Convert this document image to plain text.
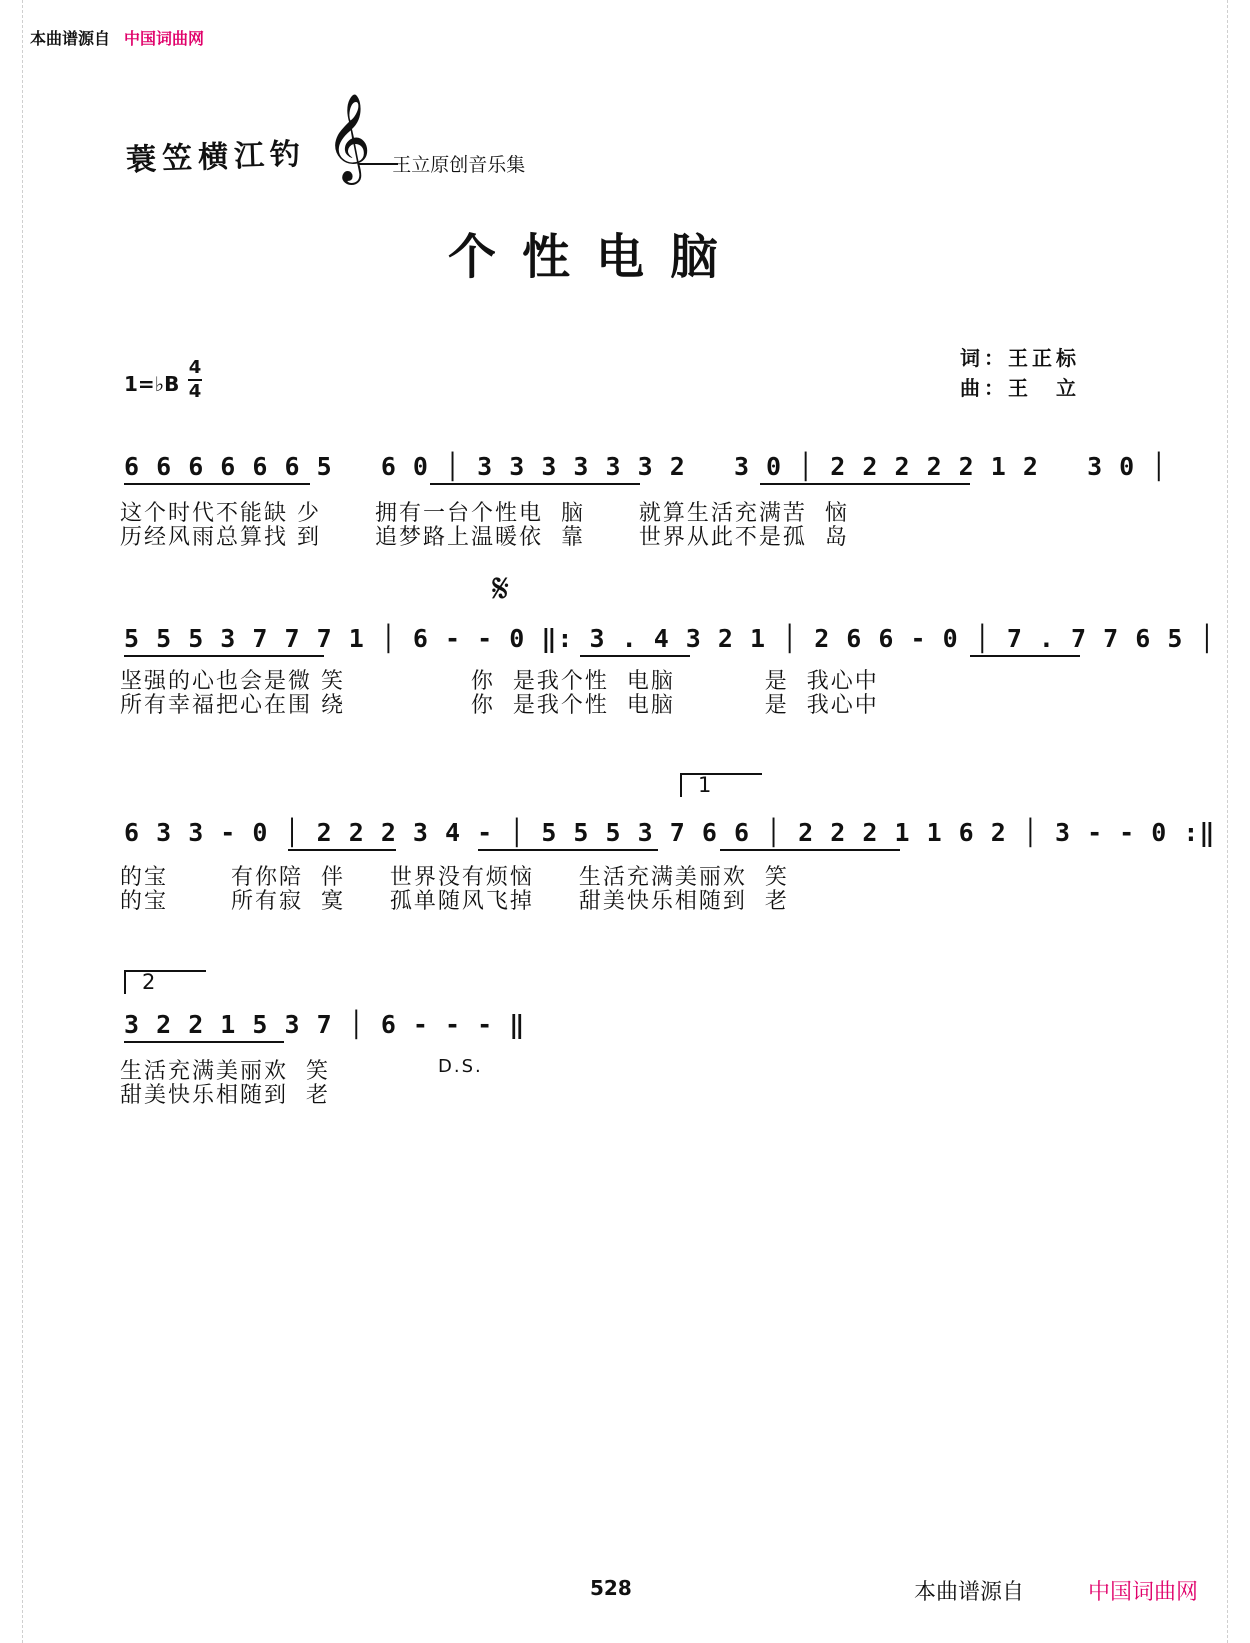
本曲谱源自 中国词曲网
蓑笠横江钓 𝄞	王立原创音乐集
个性电脑
1=♭B
4
4
词：王正标
曲：王　立
6 6 6 6 6 6 5   6 0 │ 3 3 3 3 3 3 2   3 0 │ 2 2 2 2 2 1 2   3 0 │
这个时代不能缺 少      拥有一台个性电  脑      就算生活充满苦  恼
历经风雨总算找 到      追梦路上温暖依  靠      世界从此不是孤  岛
𝄋
5 5 5 3 7 7 7 1 │ 6 - - 0 ‖: 3 . 4 3 2 1 │ 2 6 6 - 0 │ 7 . 7 7 6 5 │
坚强的心也会是微 笑              你  是我个性  电脑          是  我心中
所有幸福把心在围 绕              你  是我个性  电脑          是  我心中
1
6 3 3 - 0 │ 2 2 2 3 4 - │ 5 5 5 3 7 6 6 │ 2 2 2 1 1 6 2 │ 3 - - 0 :‖
的宝       有你陪  伴     世界没有烦恼     生活充满美丽欢  笑
的宝       所有寂  寞     孤单随风飞掉     甜美快乐相随到  老
2
3 2 2 1 5 3 7 │ 6 - - - ‖
生活充满美丽欢  笑
甜美快乐相随到  老
D.S.
528	本曲谱源自	中国词曲网
